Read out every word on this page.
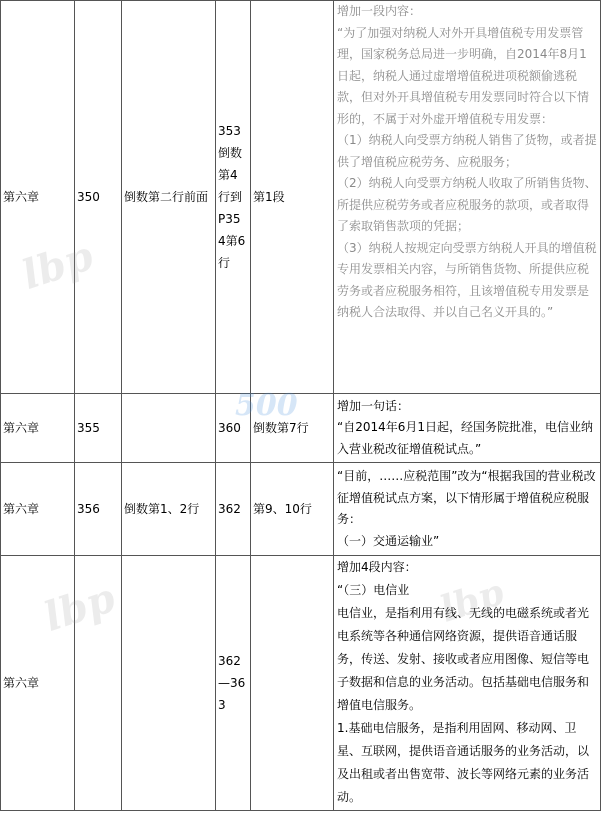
第六章	350	倒数第二行前面	353倒数第4行到P354第6行	第1段	增加一段内容：

“为了加强对纳税人对外开具增值税专用发票管理，国家税务总局进一步明确，自2014年8月1日起，纳税人通过虚增增值税进项税额偷逃税款，但对外开具增值税专用发票同时符合以下情形的，不属于对外虚开增值税专用发票：

（1）纳税人向受票方纳税人销售了货物，或者提供了增值税应税劳务、应税服务；

（2）纳税人向受票方纳税人收取了所销售货物、所提供应税劳务或者应税服务的款项，或者取得了索取销售款项的凭据；

（3）纳税人按规定向受票方纳税人开具的增值税专用发票相关内容，与所销售货物、所提供应税劳务或者应税服务相符，且该增值税专用发票是纳税人合法取得、并以自己名义开具的。”

第六章	355		360	倒数第7行	增加一句话：

“自2014年6月1日起，经国务院批准，电信业纳入营业税改征增值税试点。”

第六章	356	倒数第1、2行	362	第9、10行	“目前，……应税范围”改为“根据我国的营业税改征增值税试点方案，以下情形属于增值税应税服务：

（一）交通运输业”

第六章			362—363		增加4段内容：

“（三）电信业

电信业，是指利用有线、无线的电磁系统或者光电系统等各种通信网络资源，提供语音通话服务，传送、发射、接收或者应用图像、短信等电子数据和信息的业务活动。包括基础电信服务和增值电信服务。

1.基础电信服务，是指利用固网、移动网、卫星、互联网，提供语音通话服务的业务活动，以及出租或者出售宽带、波长等网络元素的业务活动。

lbp
lbp	lbp
500
